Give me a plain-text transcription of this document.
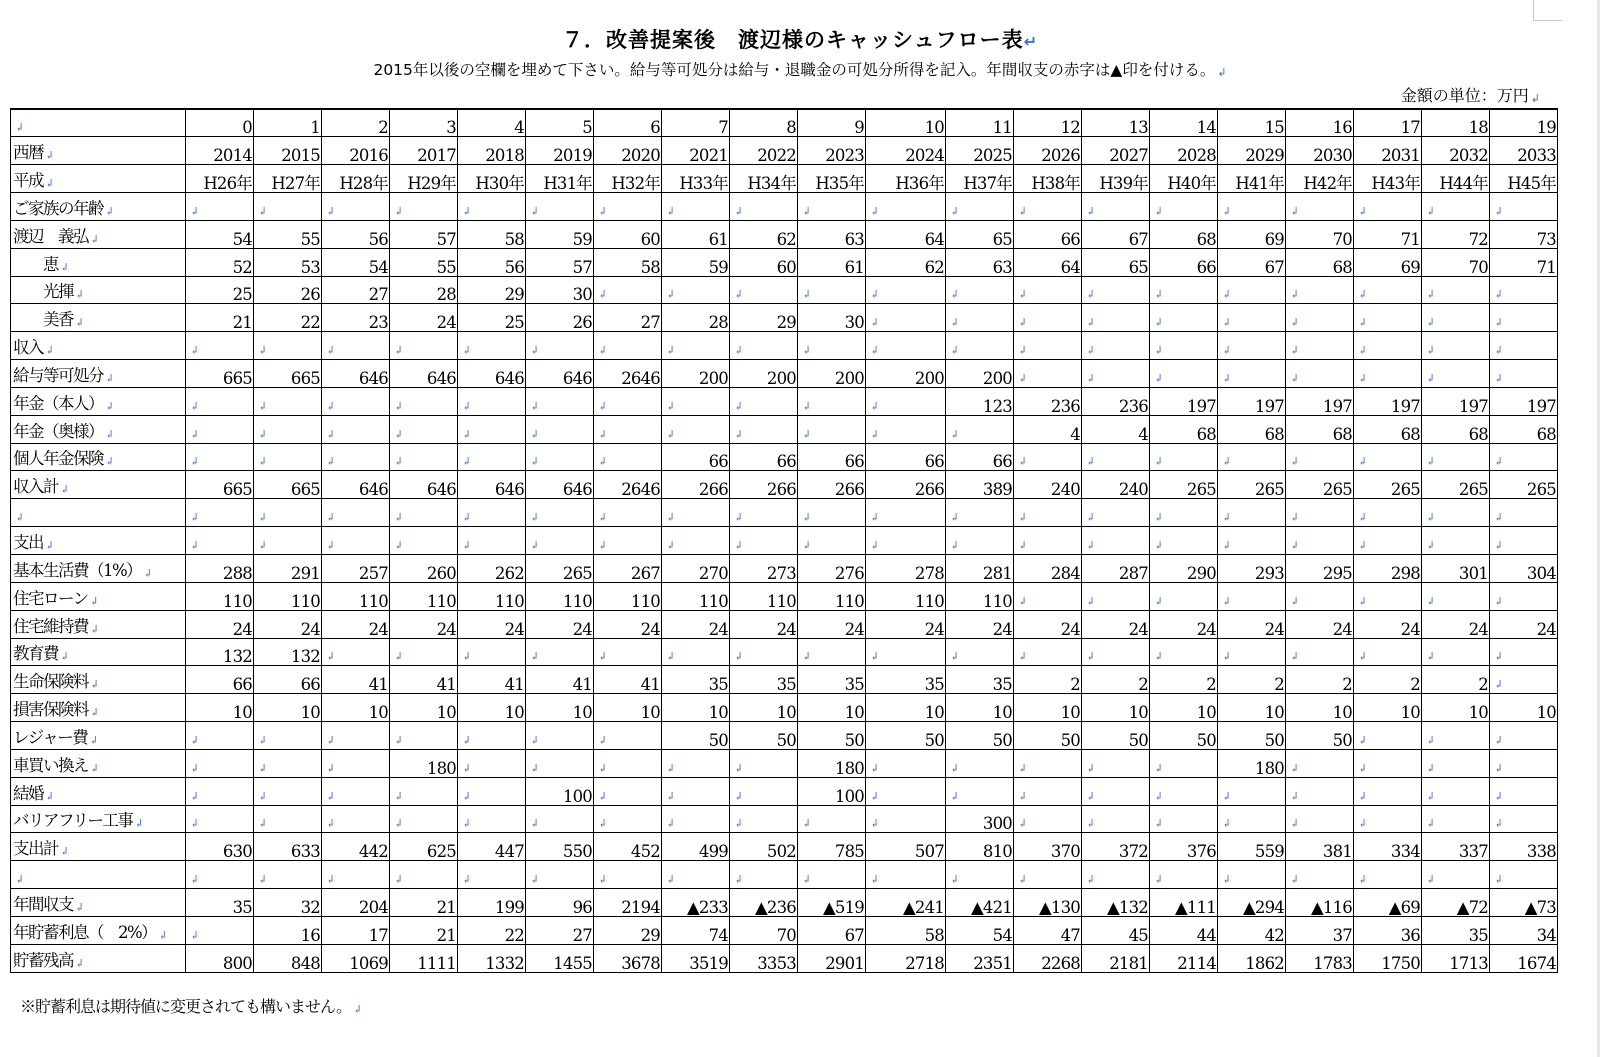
７．改善提案後　渡辺様のキャッシュフロー表↵
2015年以後の空欄を埋めて下さい。給与等可処分は給与・退職金の可処分所得を記入。年間収支の赤字は▲印を付ける。 ↲
金額の単位：万円 ↲
↲	0	1	2	3	4	5	6	7	8	9	10	11	12	13	14	15	16	17	18	19
西暦 ↲	2014	2015	2016	2017	2018	2019	2020	2021	2022	2023	2024	2025	2026	2027	2028	2029	2030	2031	2032	2033
平成 ↲	H26年	H27年	H28年	H29年	H30年	H31年	H32年	H33年	H34年	H35年	H36年	H37年	H38年	H39年	H40年	H41年	H42年	H43年	H44年	H45年
ご家族の年齢 ↲	↲	↲	↲	↲	↲	↲	↲	↲	↲	↲	↲	↲	↲	↲	↲	↲	↲	↲	↲	↲
渡辺　義弘 ↲	54	55	56	57	58	59	60	61	62	63	64	65	66	67	68	69	70	71	72	73
　　恵 ↲	52	53	54	55	56	57	58	59	60	61	62	63	64	65	66	67	68	69	70	71
　　光揮 ↲	25	26	27	28	29	30	↲	↲	↲	↲	↲	↲	↲	↲	↲	↲	↲	↲	↲	↲
　　美香 ↲	21	22	23	24	25	26	27	28	29	30	↲	↲	↲	↲	↲	↲	↲	↲	↲	↲
収入 ↲	↲	↲	↲	↲	↲	↲	↲	↲	↲	↲	↲	↲	↲	↲	↲	↲	↲	↲	↲	↲
給与等可処分 ↲	665	665	646	646	646	646	2646	200	200	200	200	200	↲	↲	↲	↲	↲	↲	↲	↲
年金（本人） ↲	↲	↲	↲	↲	↲	↲	↲	↲	↲	↲	↲	123	236	236	197	197	197	197	197	197
年金（奥様） ↲	↲	↲	↲	↲	↲	↲	↲	↲	↲	↲	↲	↲	4	4	68	68	68	68	68	68
個人年金保険 ↲	↲	↲	↲	↲	↲	↲	↲	66	66	66	66	66	↲	↲	↲	↲	↲	↲	↲	↲
収入計 ↲	665	665	646	646	646	646	2646	266	266	266	266	389	240	240	265	265	265	265	265	265
↲	↲	↲	↲	↲	↲	↲	↲	↲	↲	↲	↲	↲	↲	↲	↲	↲	↲	↲	↲	↲
支出 ↲	↲	↲	↲	↲	↲	↲	↲	↲	↲	↲	↲	↲	↲	↲	↲	↲	↲	↲	↲	↲
基本生活費（1%） ↲	288	291	257	260	262	265	267	270	273	276	278	281	284	287	290	293	295	298	301	304
住宅ローン ↲	110	110	110	110	110	110	110	110	110	110	110	110	↲	↲	↲	↲	↲	↲	↲	↲
住宅維持費 ↲	24	24	24	24	24	24	24	24	24	24	24	24	24	24	24	24	24	24	24	24
教育費 ↲	132	132	↲	↲	↲	↲	↲	↲	↲	↲	↲	↲	↲	↲	↲	↲	↲	↲	↲	↲
生命保険料 ↲	66	66	41	41	41	41	41	35	35	35	35	35	2	2	2	2	2	2	2	↲
損害保険料 ↲	10	10	10	10	10	10	10	10	10	10	10	10	10	10	10	10	10	10	10	10
レジャー費 ↲	↲	↲	↲	↲	↲	↲	↲	50	50	50	50	50	50	50	50	50	50	↲	↲	↲
車買い換え ↲	↲	↲	↲	180	↲	↲	↲	↲	↲	180	↲	↲	↲	↲	↲	180	↲	↲	↲	↲
結婚 ↲	↲	↲	↲	↲	↲	100	↲	↲	↲	100	↲	↲	↲	↲	↲	↲	↲	↲	↲	↲
バリアフリー工事 ↲	↲	↲	↲	↲	↲	↲	↲	↲	↲	↲	↲	300	↲	↲	↲	↲	↲	↲	↲	↲
支出計 ↲	630	633	442	625	447	550	452	499	502	785	507	810	370	372	376	559	381	334	337	338
↲	↲	↲	↲	↲	↲	↲	↲	↲	↲	↲	↲	↲	↲	↲	↲	↲	↲	↲	↲	↲
年間収支 ↲	35	32	204	21	199	96	2194	▲233	▲236	▲519	▲241	▲421	▲130	▲132	▲111	▲294	▲116	▲69	▲72	▲73
年貯蓄利息（　2%） ↲	↲	16	17	21	22	27	29	74	70	67	58	54	47	45	44	42	37	36	35	34
貯蓄残高 ↲	800	848	1069	1111	1332	1455	3678	3519	3353	2901	2718	2351	2268	2181	2114	1862	1783	1750	1713	1674
※貯蓄利息は期待値に変更されても構いません。 ↲
